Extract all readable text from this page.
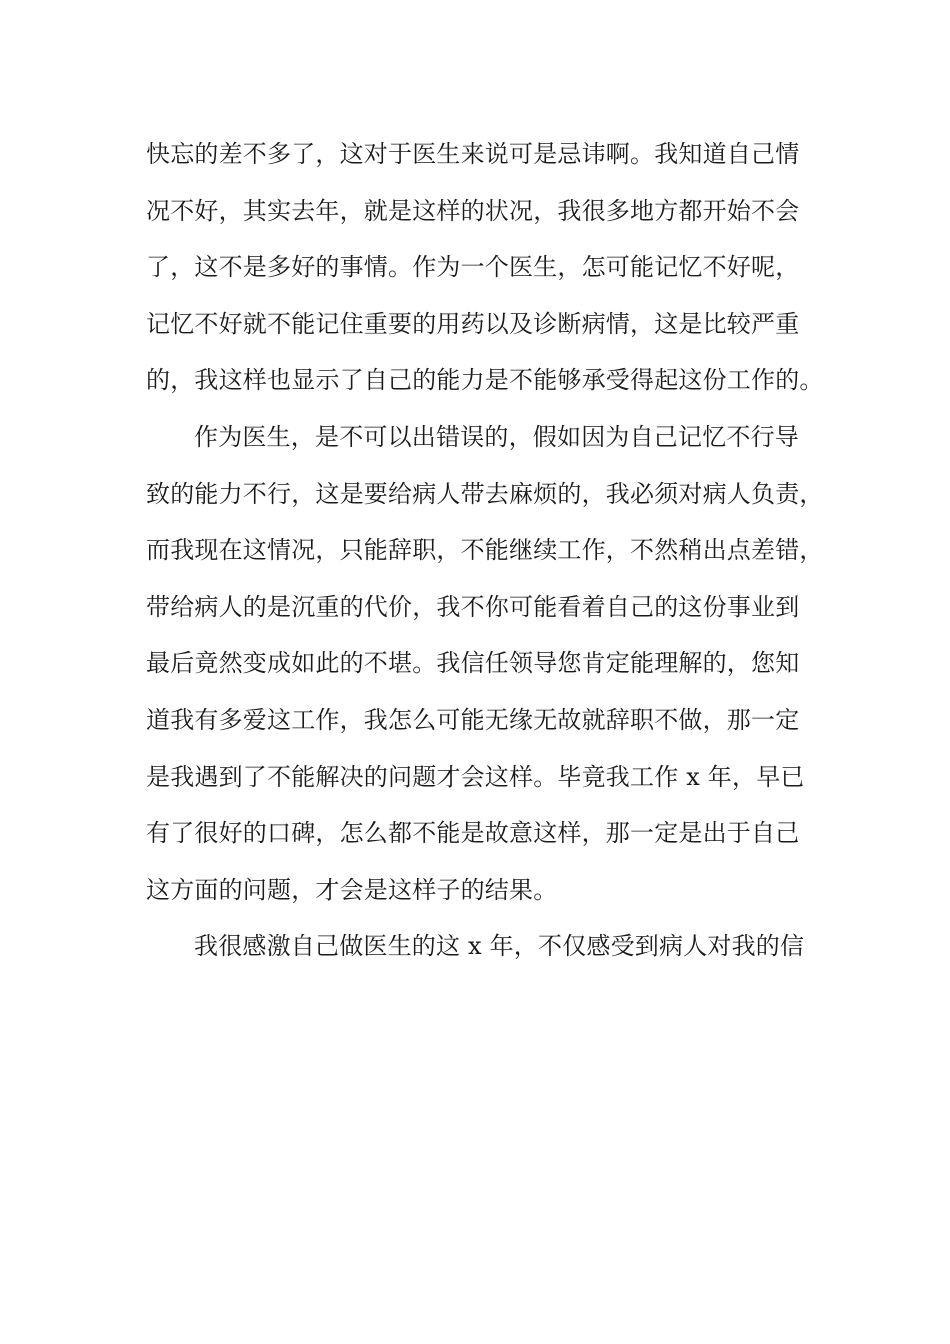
快忘的差不多了，这对于医生来说可是忌讳啊。我知道自己情
况不好，其实去年，就是这样的状况，我很多地方都开始不会
了，这不是多好的事情。作为一个医生，怎可能记忆不好呢，
记忆不好就不能记住重要的用药以及诊断病情，这是比较严重
的，我这样也显示了自己的能力是不能够承受得起这份工作的。
作为医生，是不可以出错误的，假如因为自己记忆不行导
致的能力不行，这是要给病人带去麻烦的，我必须对病人负责，
而我现在这情况，只能辞职，不能继续工作，不然稍出点差错，
带给病人的是沉重的代价，我不你可能看着自己的这份事业到
最后竟然变成如此的不堪。我信任领导您肯定能理解的，您知
道我有多爱这工作，我怎么可能无缘无故就辞职不做，那一定
是我遇到了不能解决的问题才会这样。毕竟我工作 x 年，早已
有了很好的口碑，怎么都不能是故意这样，那一定是出于自己
这方面的问题，才会是这样子的结果。
我很感激自己做医生的这 x 年，不仅感受到病人对我的信
